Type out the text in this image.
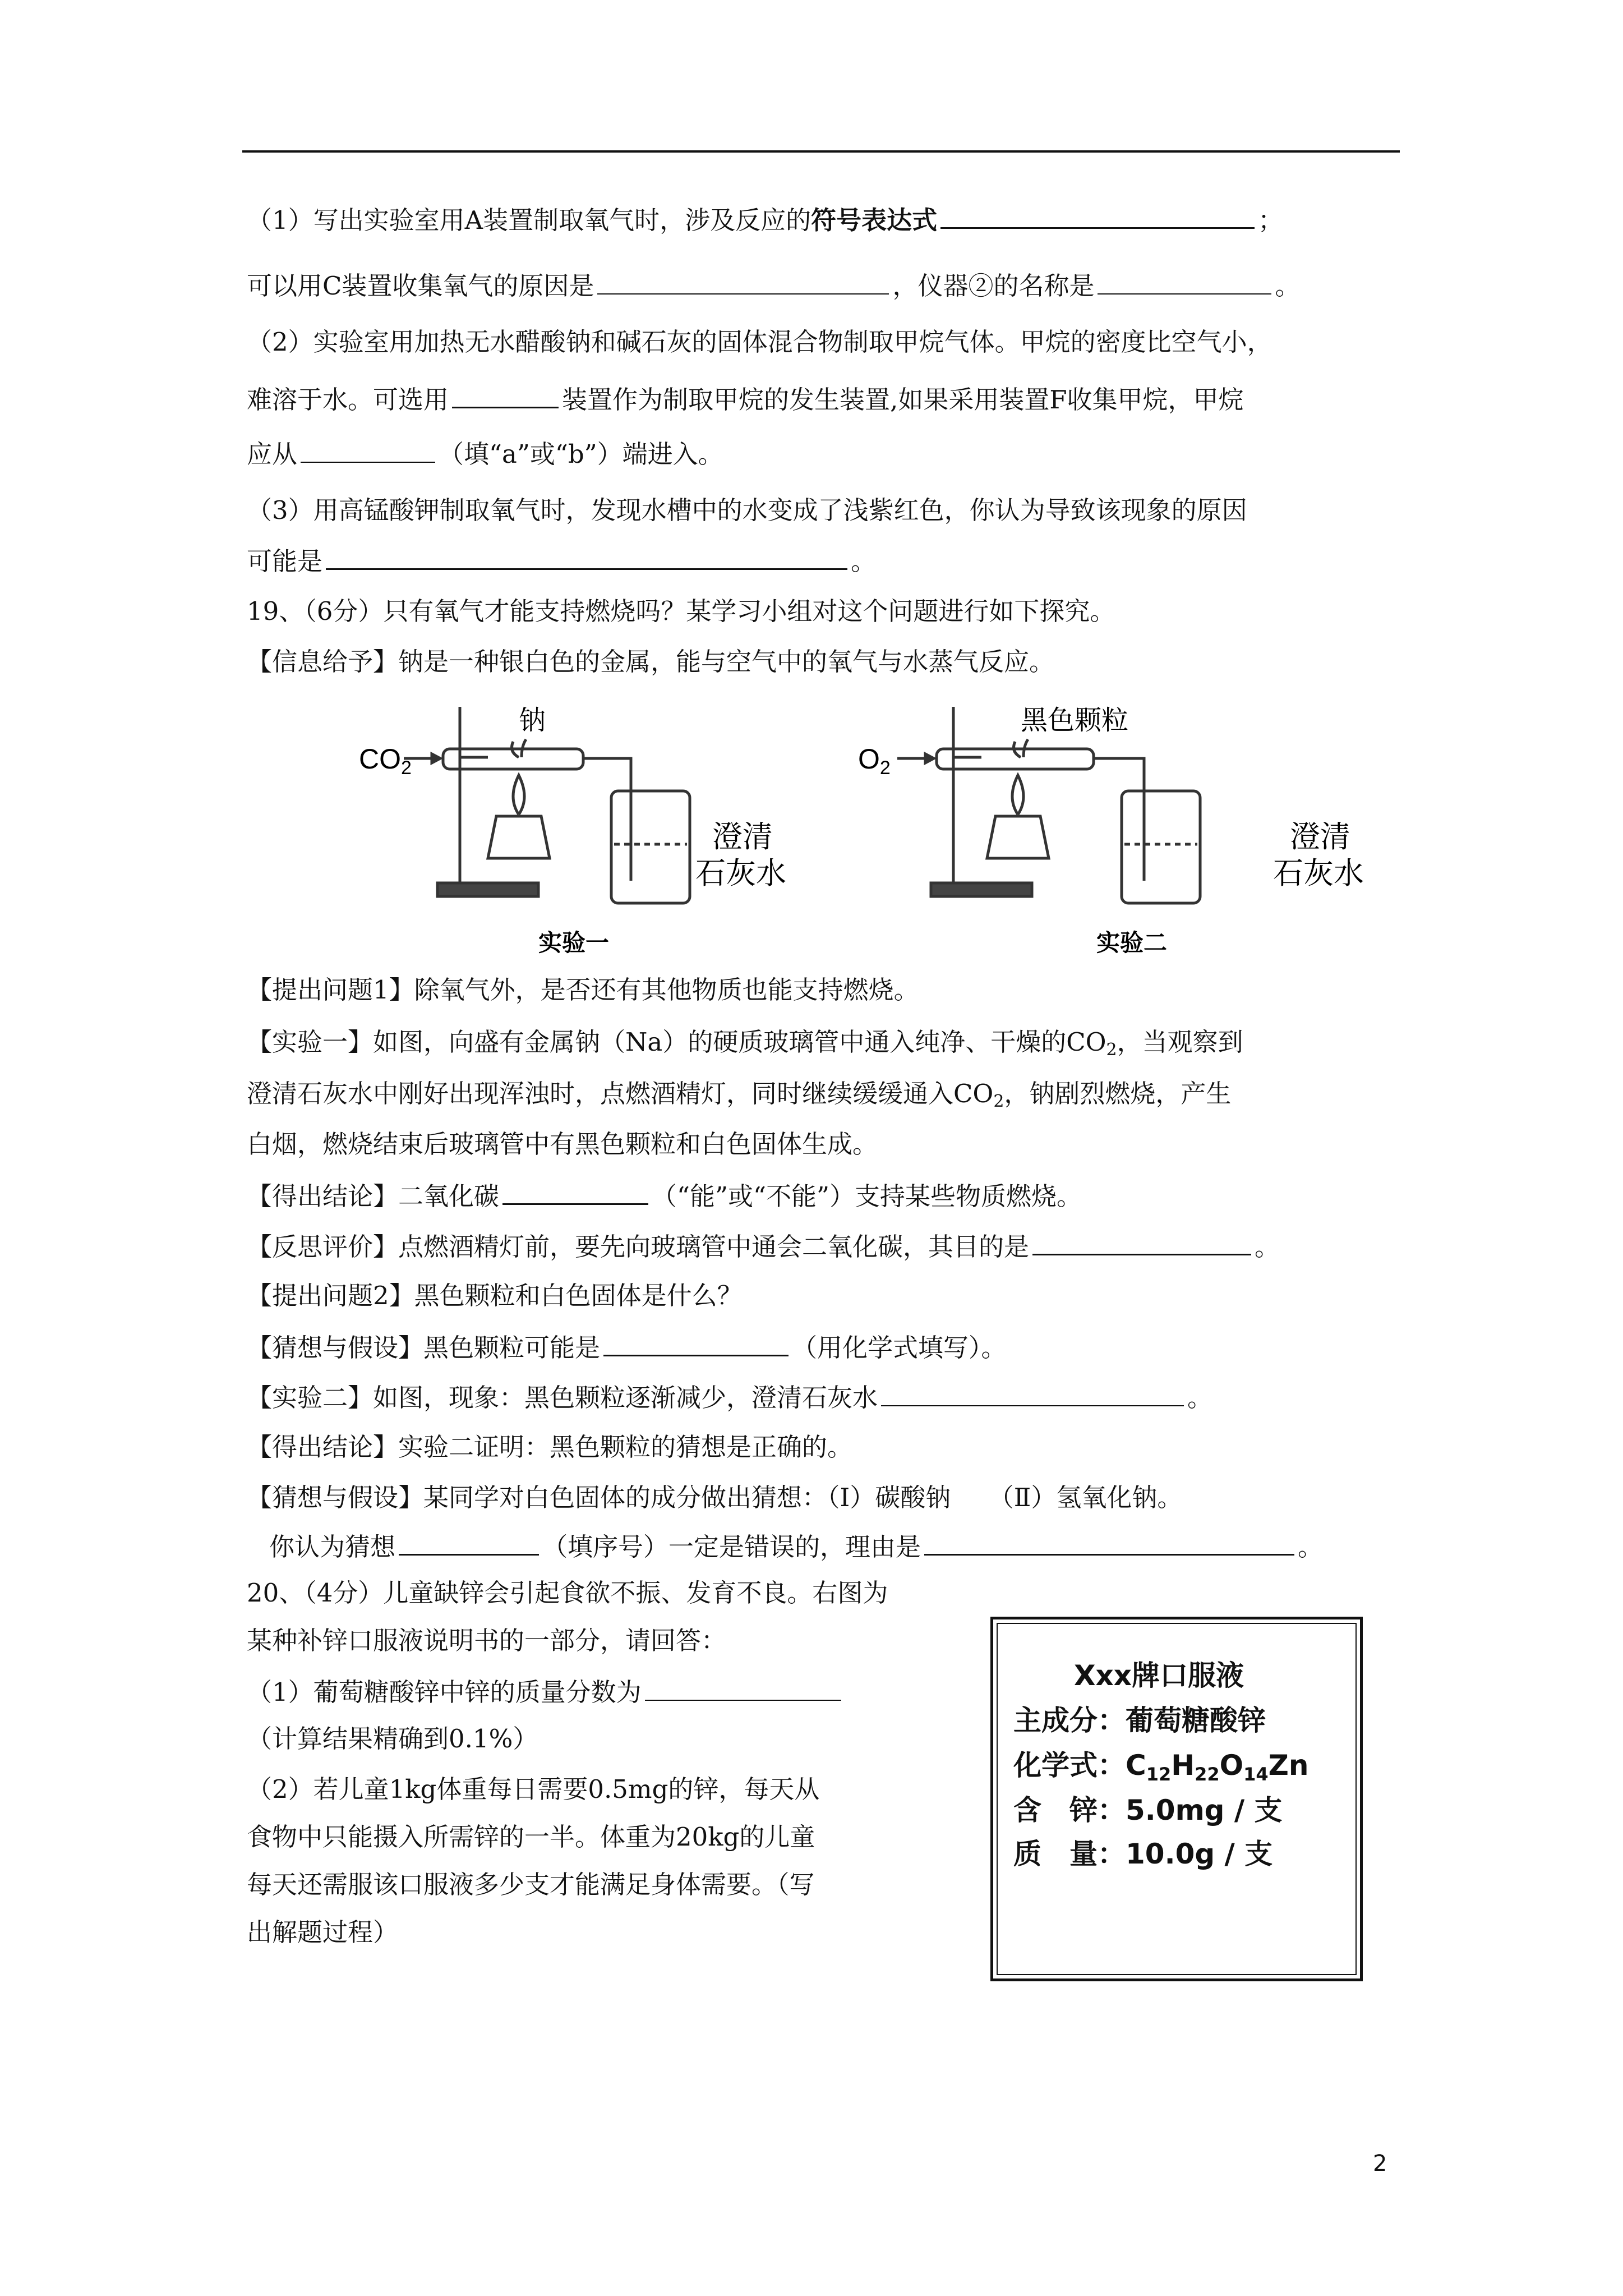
（1）写出实验室用A装置制取氧气时，涉及反应的符号表达式	；
可以用C装置收集氧气的原因是	，仪器②的名称是	。
（2）实验室用加热无水醋酸钠和碱石灰的固体混合物制取甲烷气体。甲烷的密度比空气小，
难溶于水。可选用	装置作为制取甲烷的发生装置,如果采用装置F收集甲烷，甲烷
应从	（填“a”或“b”）端进入。
（3）用高锰酸钾制取氧气时，发现水槽中的水变成了浅紫红色，你认为导致该现象的原因
可能是	。
19、（6分）只有氧气才能支持燃烧吗？某学习小组对这个问题进行如下探究。
【信息给予】钠是一种银白色的金属，能与空气中的氧气与水蒸气反应。
$CO_2$
钠
澄清
石灰水
实验一
$O_2$
黑色颗粒
澄清
石灰水
实验二
【提出问题1】除氧气外，是否还有其他物质也能支持燃烧。
【实验一】如图，向盛有金属钠（Na）的硬质玻璃管中通入纯净、干燥的$CO_2$，当观察到
澄清石灰水中刚好出现浑浊时，点燃酒精灯，同时继续缓缓通入$CO_2$，钠剧烈燃烧，产生
白烟，燃烧结束后玻璃管中有黑色颗粒和白色固体生成。
【得出结论】二氧化碳	（“能”或“不能”）支持某些物质燃烧。
【反思评价】点燃酒精灯前，要先向玻璃管中通会二氧化碳，其目的是	。
【提出问题2】黑色颗粒和白色固体是什么？
【猜想与假设】黑色颗粒可能是	（用化学式填写）。
【实验二】如图，现象：黑色颗粒逐渐减少，澄清石灰水	。
【得出结论】实验二证明：黑色颗粒的猜想是正确的。
【猜想与假设】某同学对白色固体的成分做出猜想：（Ⅰ）碳酸钠　　（Ⅱ）氢氧化钠。
你认为猜想	（填序号）一定是错误的，理由是	。
20、（4分）儿童缺锌会引起食欲不振、发育不良。右图为
某种补锌口服液说明书的一部分，请回答：
（1）葡萄糖酸锌中锌的质量分数为
（计算结果精确到0.1%）
（2）若儿童1kg体重每日需要0.5mg的锌，每天从
食物中只能摄入所需锌的一半。体重为20kg的儿童
每天还需服该口服液多少支才能满足身体需要。（写
出解题过程）
Xxx牌口服液
主成分：葡萄糖酸锌
化学式：$C_{12}H_{22}O_{14}Zn$
含　锌：5.0mg / 支
质　量：10.0g / 支
2
